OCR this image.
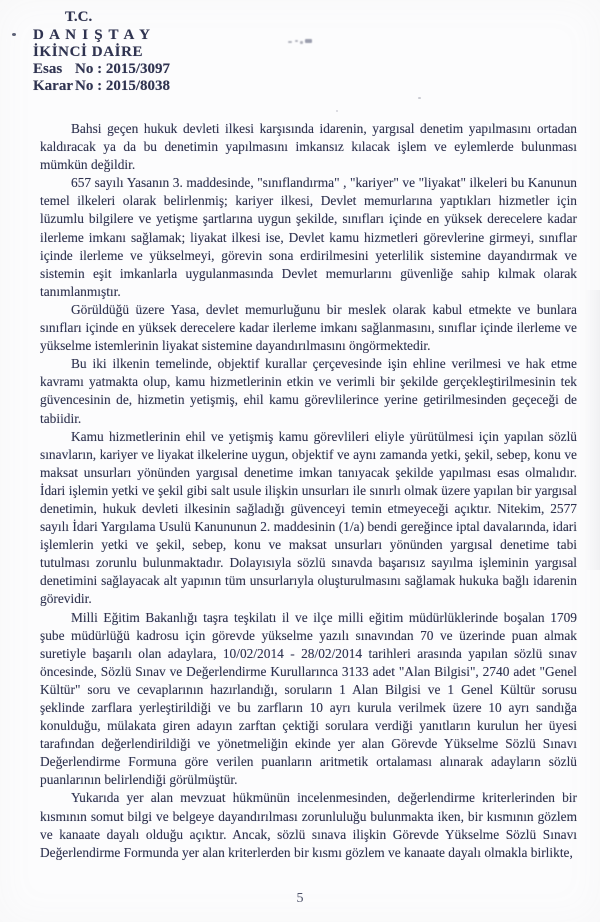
T.C.
D A N I Ş T A Y
İKİNCİ DAİRE
Esas No : 2015/3097
Karar No : 2015/8038

Bahsi geçen hukuk devleti ilkesi karşısında idarenin, yargısal denetim yapılmasını ortadan kaldıracak ya da bu denetimin yapılmasını imkansız kılacak işlem ve eylemlerde bulunması mümkün değildir.

657 sayılı Yasanın 3. maddesinde, "sınıflandırma" , "kariyer" ve "liyakat" ilkeleri bu Kanunun temel ilkeleri olarak belirlenmiş; kariyer ilkesi, Devlet memurlarına yaptıkları hizmetler için lüzumlu bilgilere ve yetişme şartlarına uygun şekilde, sınıfları içinde en yüksek derecelere kadar ilerleme imkanı sağlamak; liyakat ilkesi ise, Devlet kamu hizmetleri görevlerine girmeyi, sınıflar içinde ilerleme ve yükselmeyi, görevin sona erdirilmesini yeterlilik sistemine dayandırmak ve sistemin eşit imkanlarla uygulanmasında Devlet memurlarını güvenliğe sahip kılmak olarak tanımlanmıştır.

Görüldüğü üzere Yasa, devlet memurluğunu bir meslek olarak kabul etmekte ve bunlara sınıfları içinde en yüksek derecelere kadar ilerleme imkanı sağlanmasını, sınıflar içinde ilerleme ve yükselme istemlerinin liyakat sistemine dayandırılmasını öngörmektedir.

Bu iki ilkenin temelinde, objektif kurallar çerçevesinde işin ehline verilmesi ve hak etme kavramı yatmakta olup, kamu hizmetlerinin etkin ve verimli bir şekilde gerçekleştirilmesinin tek güvencesinin de, hizmetin yetişmiş, ehil kamu görevlilerince yerine getirilmesinden geçeceği de tabiidir.

Kamu hizmetlerinin ehil ve yetişmiş kamu görevlileri eliyle yürütülmesi için yapılan sözlü sınavların, kariyer ve liyakat ilkelerine uygun, objektif ve aynı zamanda yetki, şekil, sebep, konu ve maksat unsurları yönünden yargısal denetime imkan tanıyacak şekilde yapılması esas olmalıdır. İdari işlemin yetki ve şekil gibi salt usule ilişkin unsurları ile sınırlı olmak üzere yapılan bir yargısal denetimin, hukuk devleti ilkesinin sağladığı güvenceyi temin etmeyeceği açıktır. Nitekim, 2577 sayılı İdari Yargılama Usulü Kanununun 2. maddesinin (1/a) bendi gereğince iptal davalarında, idari işlemlerin yetki ve şekil, sebep, konu ve maksat unsurları yönünden yargısal denetime tabi tutulması zorunlu bulunmaktadır. Dolayısıyla sözlü sınavda başarısız sayılma işleminin yargısal denetimini sağlayacak alt yapının tüm unsurlarıyla oluşturulmasını sağlamak hukuka bağlı idarenin görevidir.

Milli Eğitim Bakanlığı taşra teşkilatı il ve ilçe milli eğitim müdürlüklerinde boşalan 1709 şube müdürlüğü kadrosu için görevde yükselme yazılı sınavından 70 ve üzerinde puan almak suretiyle başarılı olan adaylara, 10/02/2014 - 28/02/2014 tarihleri arasında yapılan sözlü sınav öncesinde, Sözlü Sınav ve Değerlendirme Kurullarınca 3133 adet "Alan Bilgisi", 2740 adet "Genel Kültür" soru ve cevaplarının hazırlandığı, soruların 1 Alan Bilgisi ve 1 Genel Kültür sorusu şeklinde zarflara yerleştirildiği ve bu zarfların 10 ayrı kurula verilmek üzere 10 ayrı sandığa konulduğu, mülakata giren adayın zarftan çektiği sorulara verdiği yanıtların kurulun her üyesi tarafından değerlendirildiği ve yönetmeliğin ekinde yer alan Görevde Yükselme Sözlü Sınavı Değerlendirme Formuna göre verilen puanların aritmetik ortalaması alınarak adayların sözlü puanlarının belirlendiği görülmüştür.

Yukarıda yer alan mevzuat hükmünün incelenmesinden, değerlendirme kriterlerinden bir kısmının somut bilgi ve belgeye dayandırılması zorunluluğu bulunmakta iken, bir kısmının gözlem ve kanaate dayalı olduğu açıktır. Ancak, sözlü sınava ilişkin Görevde Yükselme Sözlü Sınavı Değerlendirme Formunda yer alan kriterlerden bir kısmı gözlem ve kanaate dayalı olmakla birlikte,

5
